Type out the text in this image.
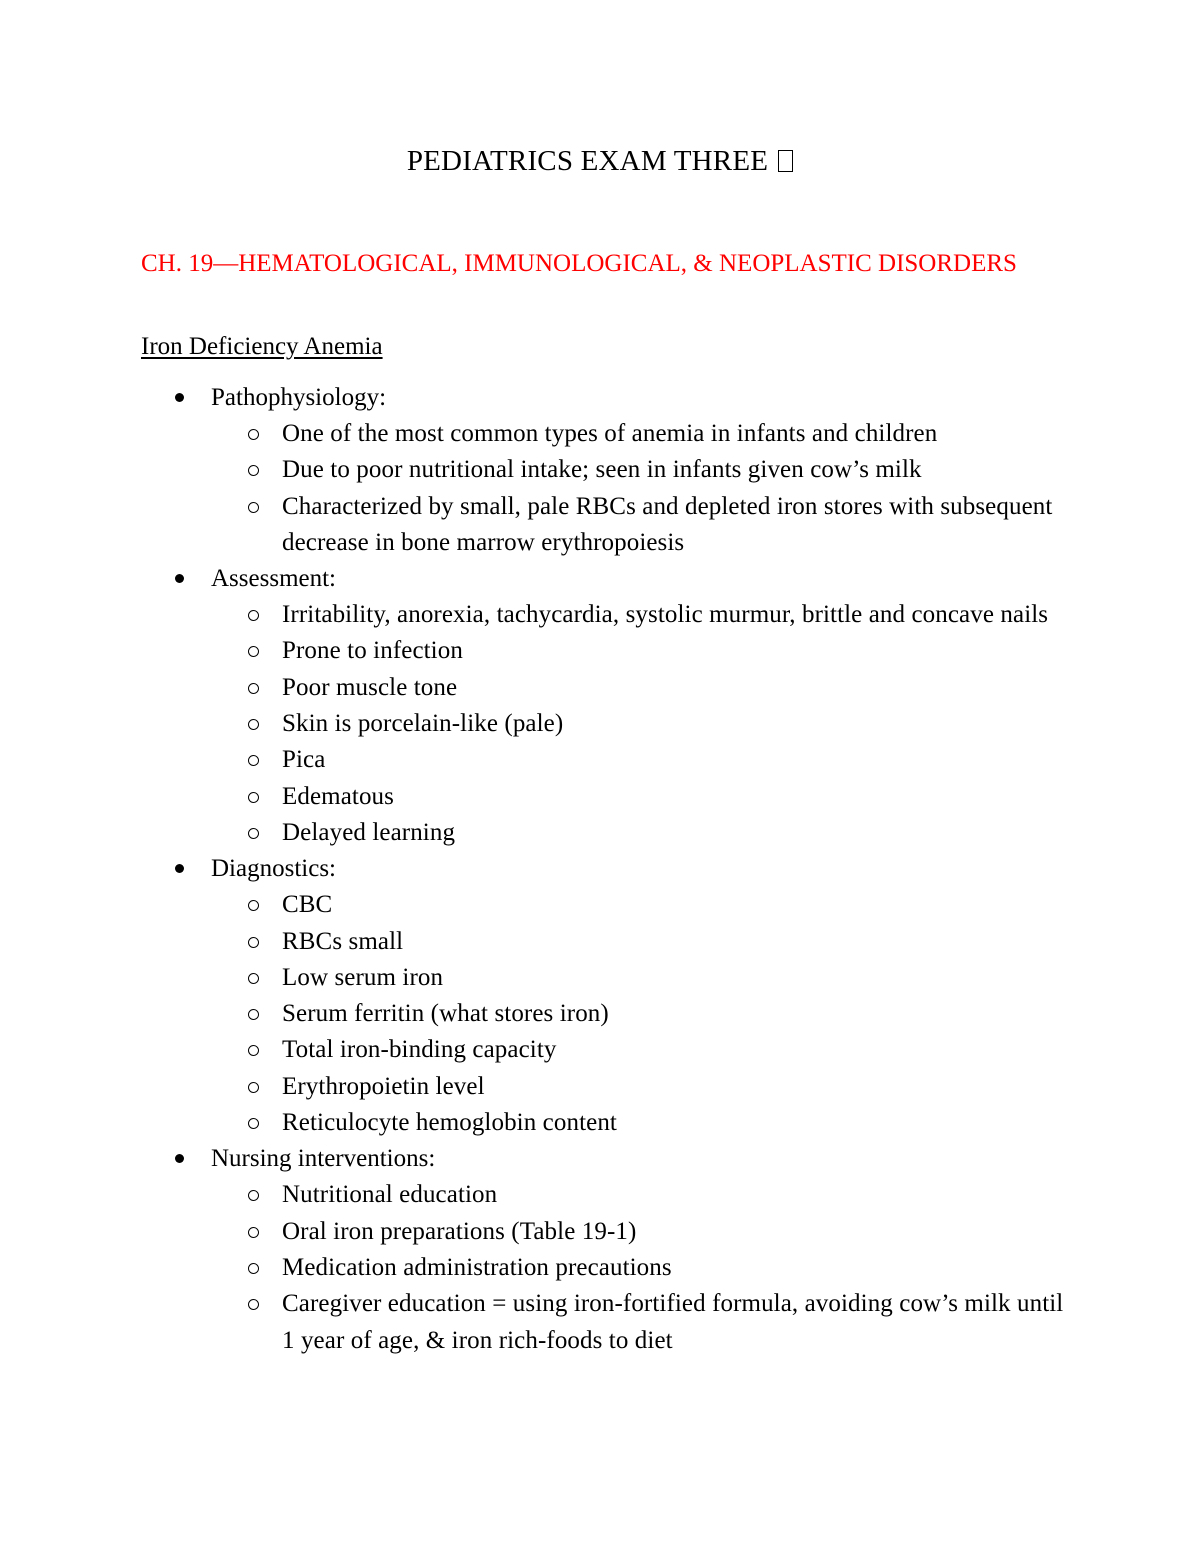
PEDIATRICS EXAM THREE
CH. 19—HEMATOLOGICAL, IMMUNOLOGICAL, & NEOPLASTIC DISORDERS
Iron Deficiency Anemia
Pathophysiology:
One of the most common types of anemia in infants and children
Due to poor nutritional intake; seen in infants given cow’s milk
Characterized by small, pale RBCs and depleted iron stores with subsequent decrease in bone marrow erythropoiesis
Assessment:
Irritability, anorexia, tachycardia, systolic murmur, brittle and concave nails
Prone to infection
Poor muscle tone
Skin is porcelain-like (pale)
Pica
Edematous
Delayed learning
Diagnostics:
CBC
RBCs small
Low serum iron
Serum ferritin (what stores iron)
Total iron-binding capacity
Erythropoietin level
Reticulocyte hemoglobin content
Nursing interventions:
Nutritional education
Oral iron preparations (Table 19-1)
Medication administration precautions
Caregiver education = using iron-fortified formula, avoiding cow’s milk until 1 year of age, & iron rich-foods to diet
